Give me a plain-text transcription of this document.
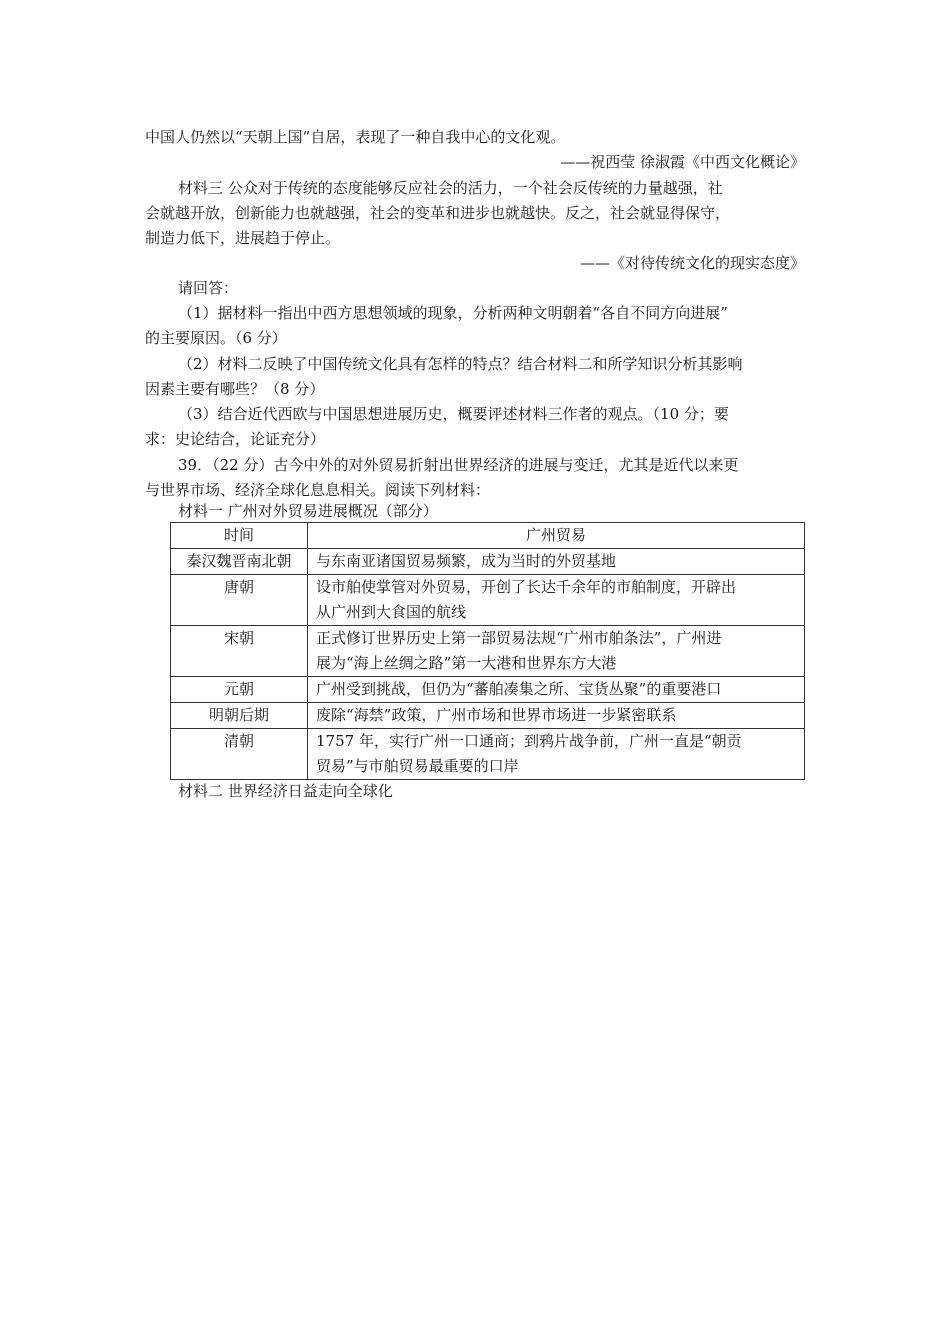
中国人仍然以“天朝上国”自居，表现了一种自我中心的文化观。
——祝西莹 徐淑霞《中西文化概论》
材料三 公众对于传统的态度能够反应社会的活力，一个社会反传统的力量越强，社
会就越开放，创新能力也就越强，社会的变革和进步也就越快。反之，社会就显得保守，
制造力低下，进展趋于停止。
——《对待传统文化的现实态度》
请回答：
（1）据材料一指出中西方思想领域的现象，分析两种文明朝着“各自不同方向进展”
的主要原因。（6 分）
（2）材料二反映了中国传统文化具有怎样的特点？结合材料二和所学知识分析其影响
因素主要有哪些？（8 分）
（3）结合近代西欧与中国思想进展历史，概要评述材料三作者的观点。（10 分；要
求：史论结合，论证充分）
39．（22 分）古今中外的对外贸易折射出世界经济的进展与变迁，尤其是近代以来更
与世界市场、经济全球化息息相关。阅读下列材料：
材料一 广州对外贸易进展概况（部分）
时间	广州贸易
秦汉魏晋南北朝	与东南亚诸国贸易频繁，成为当时的外贸基地
唐朝	设市舶使掌管对外贸易，开创了长达千余年的市舶制度，开辟出
从广州到大食国的航线
宋朝	正式修订世界历史上第一部贸易法规“广州市舶条法”，广州进
展为“海上丝绸之路”第一大港和世界东方大港
元朝	广州受到挑战，但仍为“蕃舶凑集之所、宝货丛聚”的重要港口
明朝后期	废除“海禁”政策，广州市场和世界市场进一步紧密联系
清朝	1757 年，实行广州一口通商；到鸦片战争前，广州一直是“朝贡
贸易”与市舶贸易最重要的口岸
材料二 世界经济日益走向全球化
